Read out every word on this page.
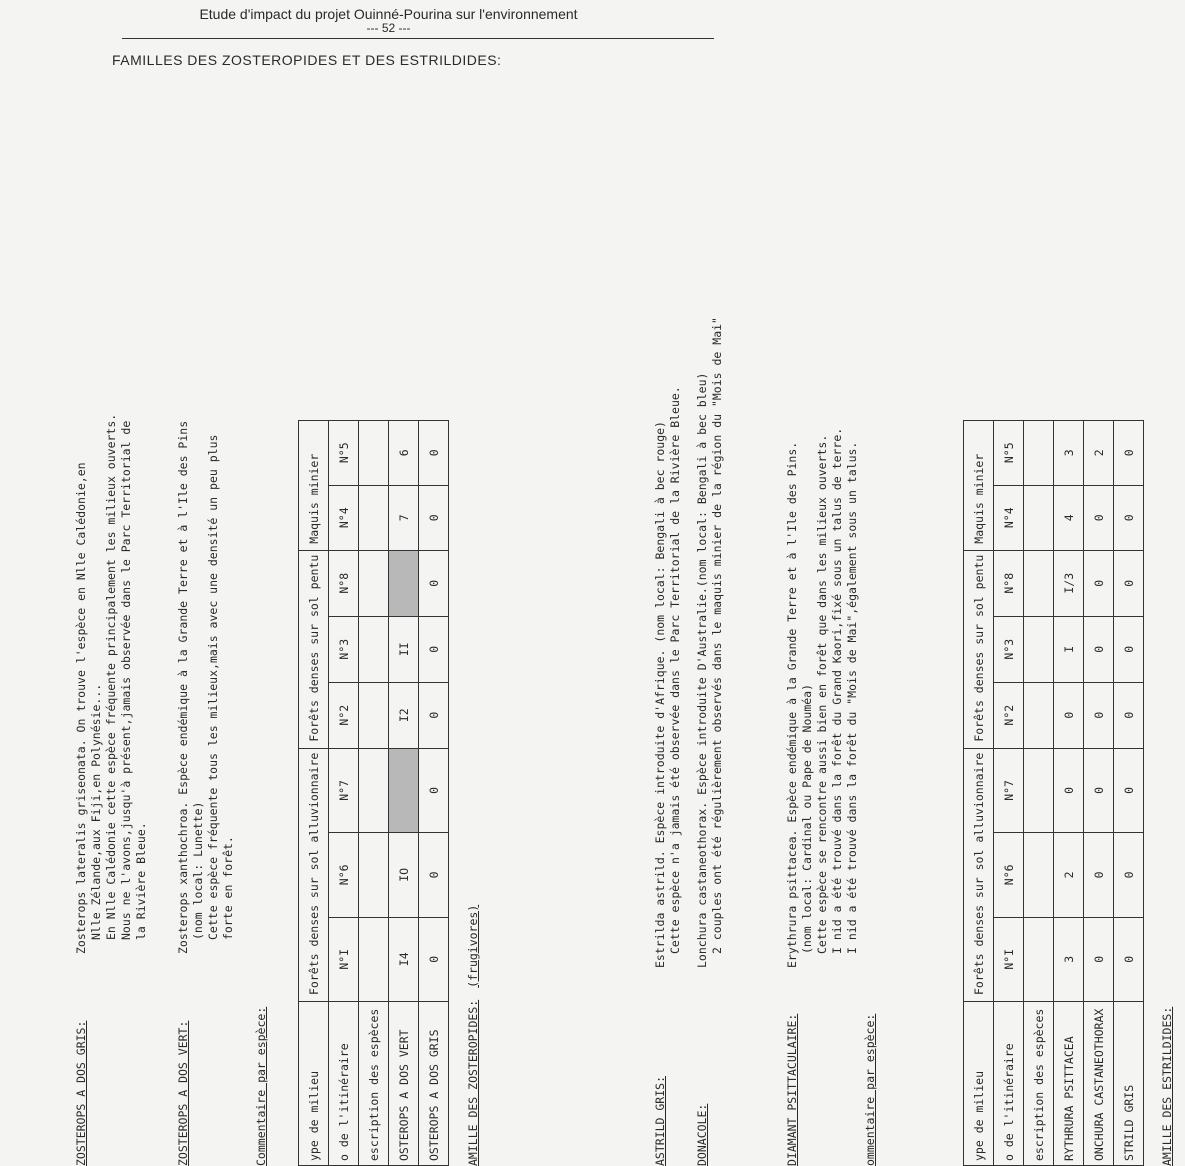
Etude d'impact du projet Ouinné-Pourina sur l'environnement
--- 52 ---
FAMILLES DES ZOSTEROPIDES ET DES ESTRILDIDES:
AMILLE DES ZOSTEROPIDES:(frugivores)
ype de milieu	Forêts denses sur sol alluvionnaire			Forêts denses sur sol pentu			Maquis minier	
o de l'itinéraire	N°I	N°6	N°7	N°2	N°3	N°8	N°4	N°5
escription des espèces								
OSTEROPS A DOS VERT	I4	IO		I2	II		7	6
OSTEROPS A DOS GRIS	0	0	0	0	0	0	0	0
Commentaire par espèce:
ZOSTEROPS A DOS VERT:
Zosterops xanthochroa. Espèce endémique à la Grande Terre et à l'Ile des Pins (nom local: Lunette) Cette espèce fréquente tous les milieux,mais avec une densité un peu plus forte en forêt.
ZOSTEROPS A DOS GRIS:
Zosterops lateralis griseonata. On trouve l'espèce en Nlle Calédonie,en Nlle Zélande,aux Fiji,en Polynésie... En Nlle Calédonie cette espèce fréquente principalement les milieux ouverts. Nous ne l'avons,jusqu'à présent,jamais observée dans le Parc Territorial de la Rivière Bleue.
AMILLE DES ESTRILDIDES:
ype de milieu	Forêts denses sur sol alluvionnaire			Forêts denses sur sol pentu			Maquis minier	
o de l'itinéraire	N°I	N°6	N°7	N°2	N°3	N°8	N°4	N°5
escription des espèces								
RYTHRURA PSITTACEA	3	2	0	0	I	I/3	4	3
ONCHURA CASTANEOTHORAX	0	0	0	0	0	0	0	2
STRILD GRIS	0	0	0	0	0	0	0	0
ommentaire par espèce:
DIAMANT PSITTACULAIRE:
Erythrura psittacea. Espèce endémique à la Grande Terre et à l'Ile des Pins. (nom local: Cardinal ou Pape de Nouméa) Cette espèce se rencontre aussi bien en forêt que dans les milieux ouverts. I nid a été trouvé dans la forêt du Grand Kaori,fixé sous un talus de terre. I nid a été trouvé dans la forêt du "Mois de Mai",également sous un talus.
DONACOLE:
Lonchura castaneothorax. Espèce introduite D'Australie.(nom local: Bengali à bec bleu) 2 couples ont été régulièrement observés dans le maquis minier de la région du "Mois de Mai"
ASTRILD GRIS:
Estrilda astrild. Espèce introduite d'Afrique. (nom local: Bengali à bec rouge) Cette espèce n'a jamais été observée dans le Parc Territorial de la Rivière Bleue.
